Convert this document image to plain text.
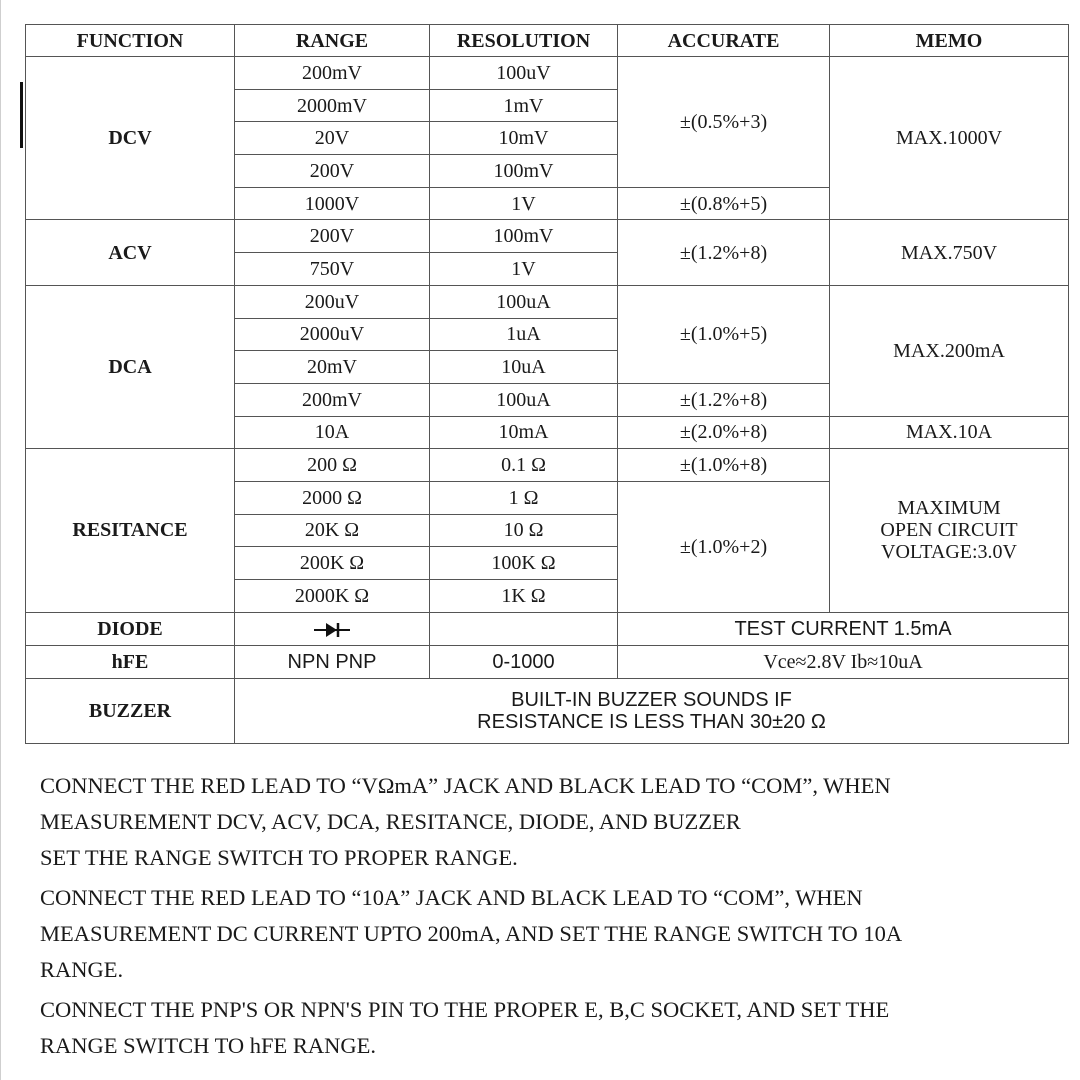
FUNCTION	RANGE	RESOLUTION	ACCURATE	MEMO
DCV	200mV	100uV	±(0.5%+3)	MAX.1000V
	2000mV	1mV		
	20V	10mV		
	200V	100mV		
	1000V	1V	±(0.8%+5)	
ACV	200V	100mV	±(1.2%+8)	MAX.750V
	750V	1V		
DCA	200uV	100uA	±(1.0%+5)	MAX.200mA
	2000uV	1uA		
	20mV	10uA		
	200mV	100uA	±(1.2%+8)	
	10A	10mA	±(2.0%+8)	MAX.10A
RESITANCE	200 Ω	0.1 Ω	±(1.0%+8)	MAXIMUM
OPEN CIRCUIT
VOLTAGE:3.0V

	2000 Ω	1 Ω	±(1.0%+2)	
	20K Ω	10 Ω		
	200K Ω	100K Ω		
	2000K Ω	1K Ω		
DIODE			TEST CURRENT 1.5mA	
hFE	NPN PNP	0-1000	Vce≈2.8V Ib≈10uA	
BUZZER	BUILT-IN BUZZER SOUNDS IF
RESISTANCE IS LESS THAN 30±20 Ω			
CONNECT THE RED LEAD TO “VΩmA” JACK AND BLACK LEAD TO “COM”, WHEN
MEASUREMENT DCV, ACV, DCA, RESITANCE, DIODE, AND BUZZER
SET THE RANGE SWITCH TO PROPER RANGE.
CONNECT THE RED LEAD TO “10A” JACK AND BLACK LEAD TO “COM”, WHEN
MEASUREMENT DC CURRENT UPTO 200mA, AND SET THE RANGE SWITCH TO 10A
RANGE.
CONNECT THE PNP'S OR NPN'S PIN TO THE PROPER E, B,C SOCKET, AND SET THE
RANGE SWITCH TO hFE RANGE.
